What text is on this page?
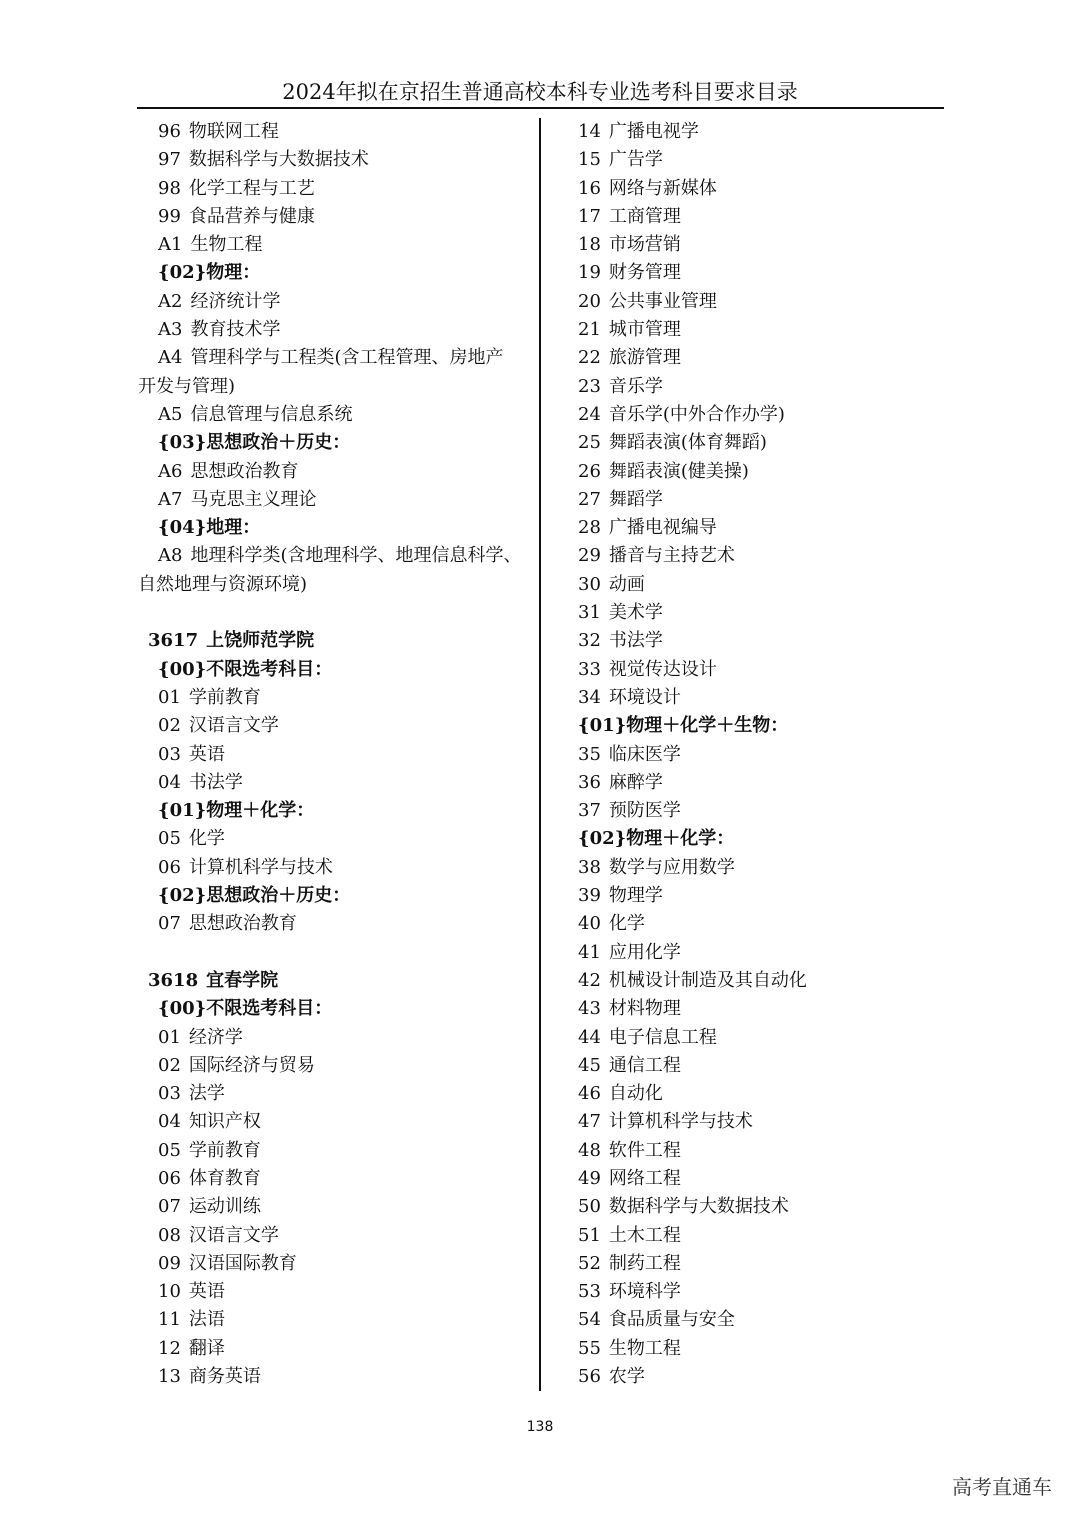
2024年拟在京招生普通高校本科专业选考科目要求目录
96 物联网工程
97 数据科学与大数据技术
98 化学工程与工艺
99 食品营养与健康
A1 生物工程
{02}物理：
A2 经济统计学
A3 教育技术学
A4 管理科学与工程类(含工程管理、房地产
开发与管理)
A5 信息管理与信息系统
{03}思想政治＋历史：
A6 思想政治教育
A7 马克思主义理论
{04}地理：
A8 地理科学类(含地理科学、地理信息科学、
自然地理与资源环境)
3617 上饶师范学院
{00}不限选考科目：
01 学前教育
02 汉语言文学
03 英语
04 书法学
{01}物理＋化学：
05 化学
06 计算机科学与技术
{02}思想政治＋历史：
07 思想政治教育
3618 宜春学院
{00}不限选考科目：
01 经济学
02 国际经济与贸易
03 法学
04 知识产权
05 学前教育
06 体育教育
07 运动训练
08 汉语言文学
09 汉语国际教育
10 英语
11 法语
12 翻译
13 商务英语
14 广播电视学
15 广告学
16 网络与新媒体
17 工商管理
18 市场营销
19 财务管理
20 公共事业管理
21 城市管理
22 旅游管理
23 音乐学
24 音乐学(中外合作办学)
25 舞蹈表演(体育舞蹈)
26 舞蹈表演(健美操)
27 舞蹈学
28 广播电视编导
29 播音与主持艺术
30 动画
31 美术学
32 书法学
33 视觉传达设计
34 环境设计
{01}物理＋化学＋生物：
35 临床医学
36 麻醉学
37 预防医学
{02}物理＋化学：
38 数学与应用数学
39 物理学
40 化学
41 应用化学
42 机械设计制造及其自动化
43 材料物理
44 电子信息工程
45 通信工程
46 自动化
47 计算机科学与技术
48 软件工程
49 网络工程
50 数据科学与大数据技术
51 土木工程
52 制药工程
53 环境科学
54 食品质量与安全
55 生物工程
56 农学
138
高考直通车
